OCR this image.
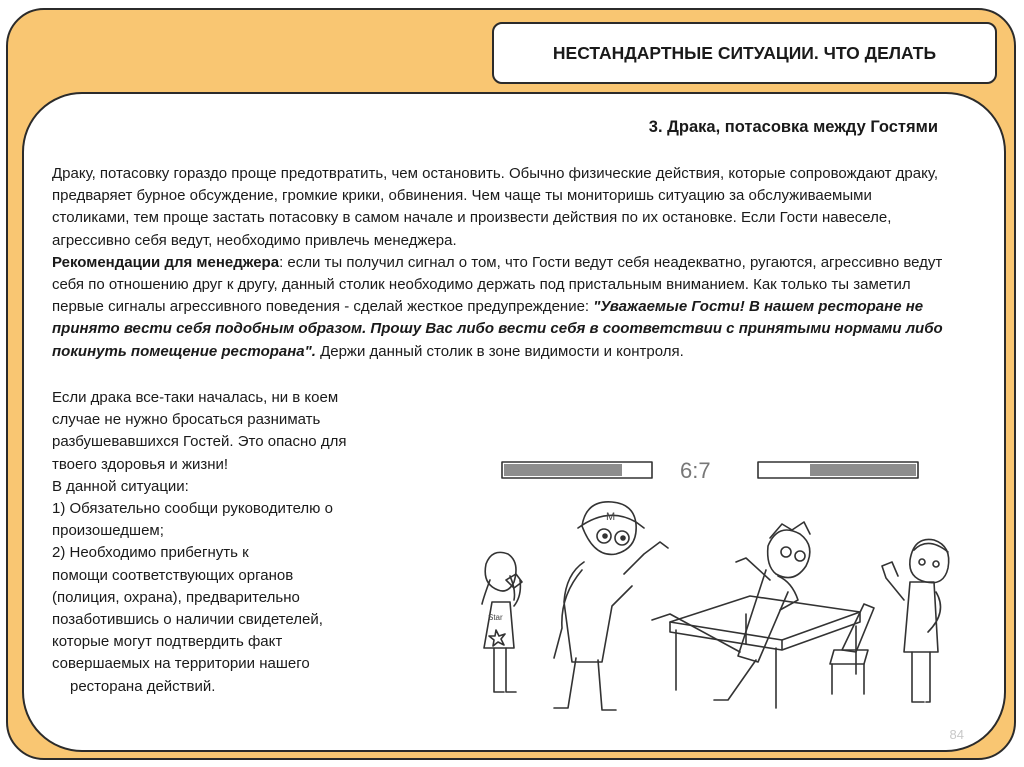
НЕСТАНДАРТНЫЕ СИТУАЦИИ. ЧТО ДЕЛАТЬ
3. Драка, потасовка между Гостями

Драку, потасовку гораздо проще предотвратить, чем остановить. Обычно физические действия, которые сопровождают драку, предваряет бурное обсуждение, громкие крики, обвинения. Чем чаще ты мониторишь ситуацию за обслуживаемыми столиками, тем проще застать потасовку в самом начале и произвести действия по их остановке. Если Гости навеселе, агрессивно себя ведут, необходимо привлечь менеджера.

Рекомендации для менеджера: если ты получил сигнал о том, что Гости ведут себя неадекватно, ругаются, агрессивно ведут себя по отношению друг к другу, данный столик необходимо держать под пристальным вниманием. Как только ты заметил первые сигналы агрессивного поведения - сделай жесткое предупреждение: "Уважаемые Гости! В нашем ресторане не принято вести себя подобным образом. Прошу Вас либо вести себя в соответствии с принятыми нормами либо покинуть помещение ресторана". Держи данный столик в зоне видимости и контроля.

Если драка все-таки началась, ни в коем

случае не нужно бросаться разнимать

разбушевавшихся Гостей. Это опасно для

твоего здоровья и жизни!

В данной ситуации:

1) Обязательно сообщи руководителю о

произошедшем;

2) Необходимо прибегнуть к

помощи соответствующих органов

(полиция, охрана), предварительно

позаботившись о наличии свидетелей,

которые могут подтвердить факт

совершаемых на территории нашего

ресторана действий.

6:7
Star
M
84
